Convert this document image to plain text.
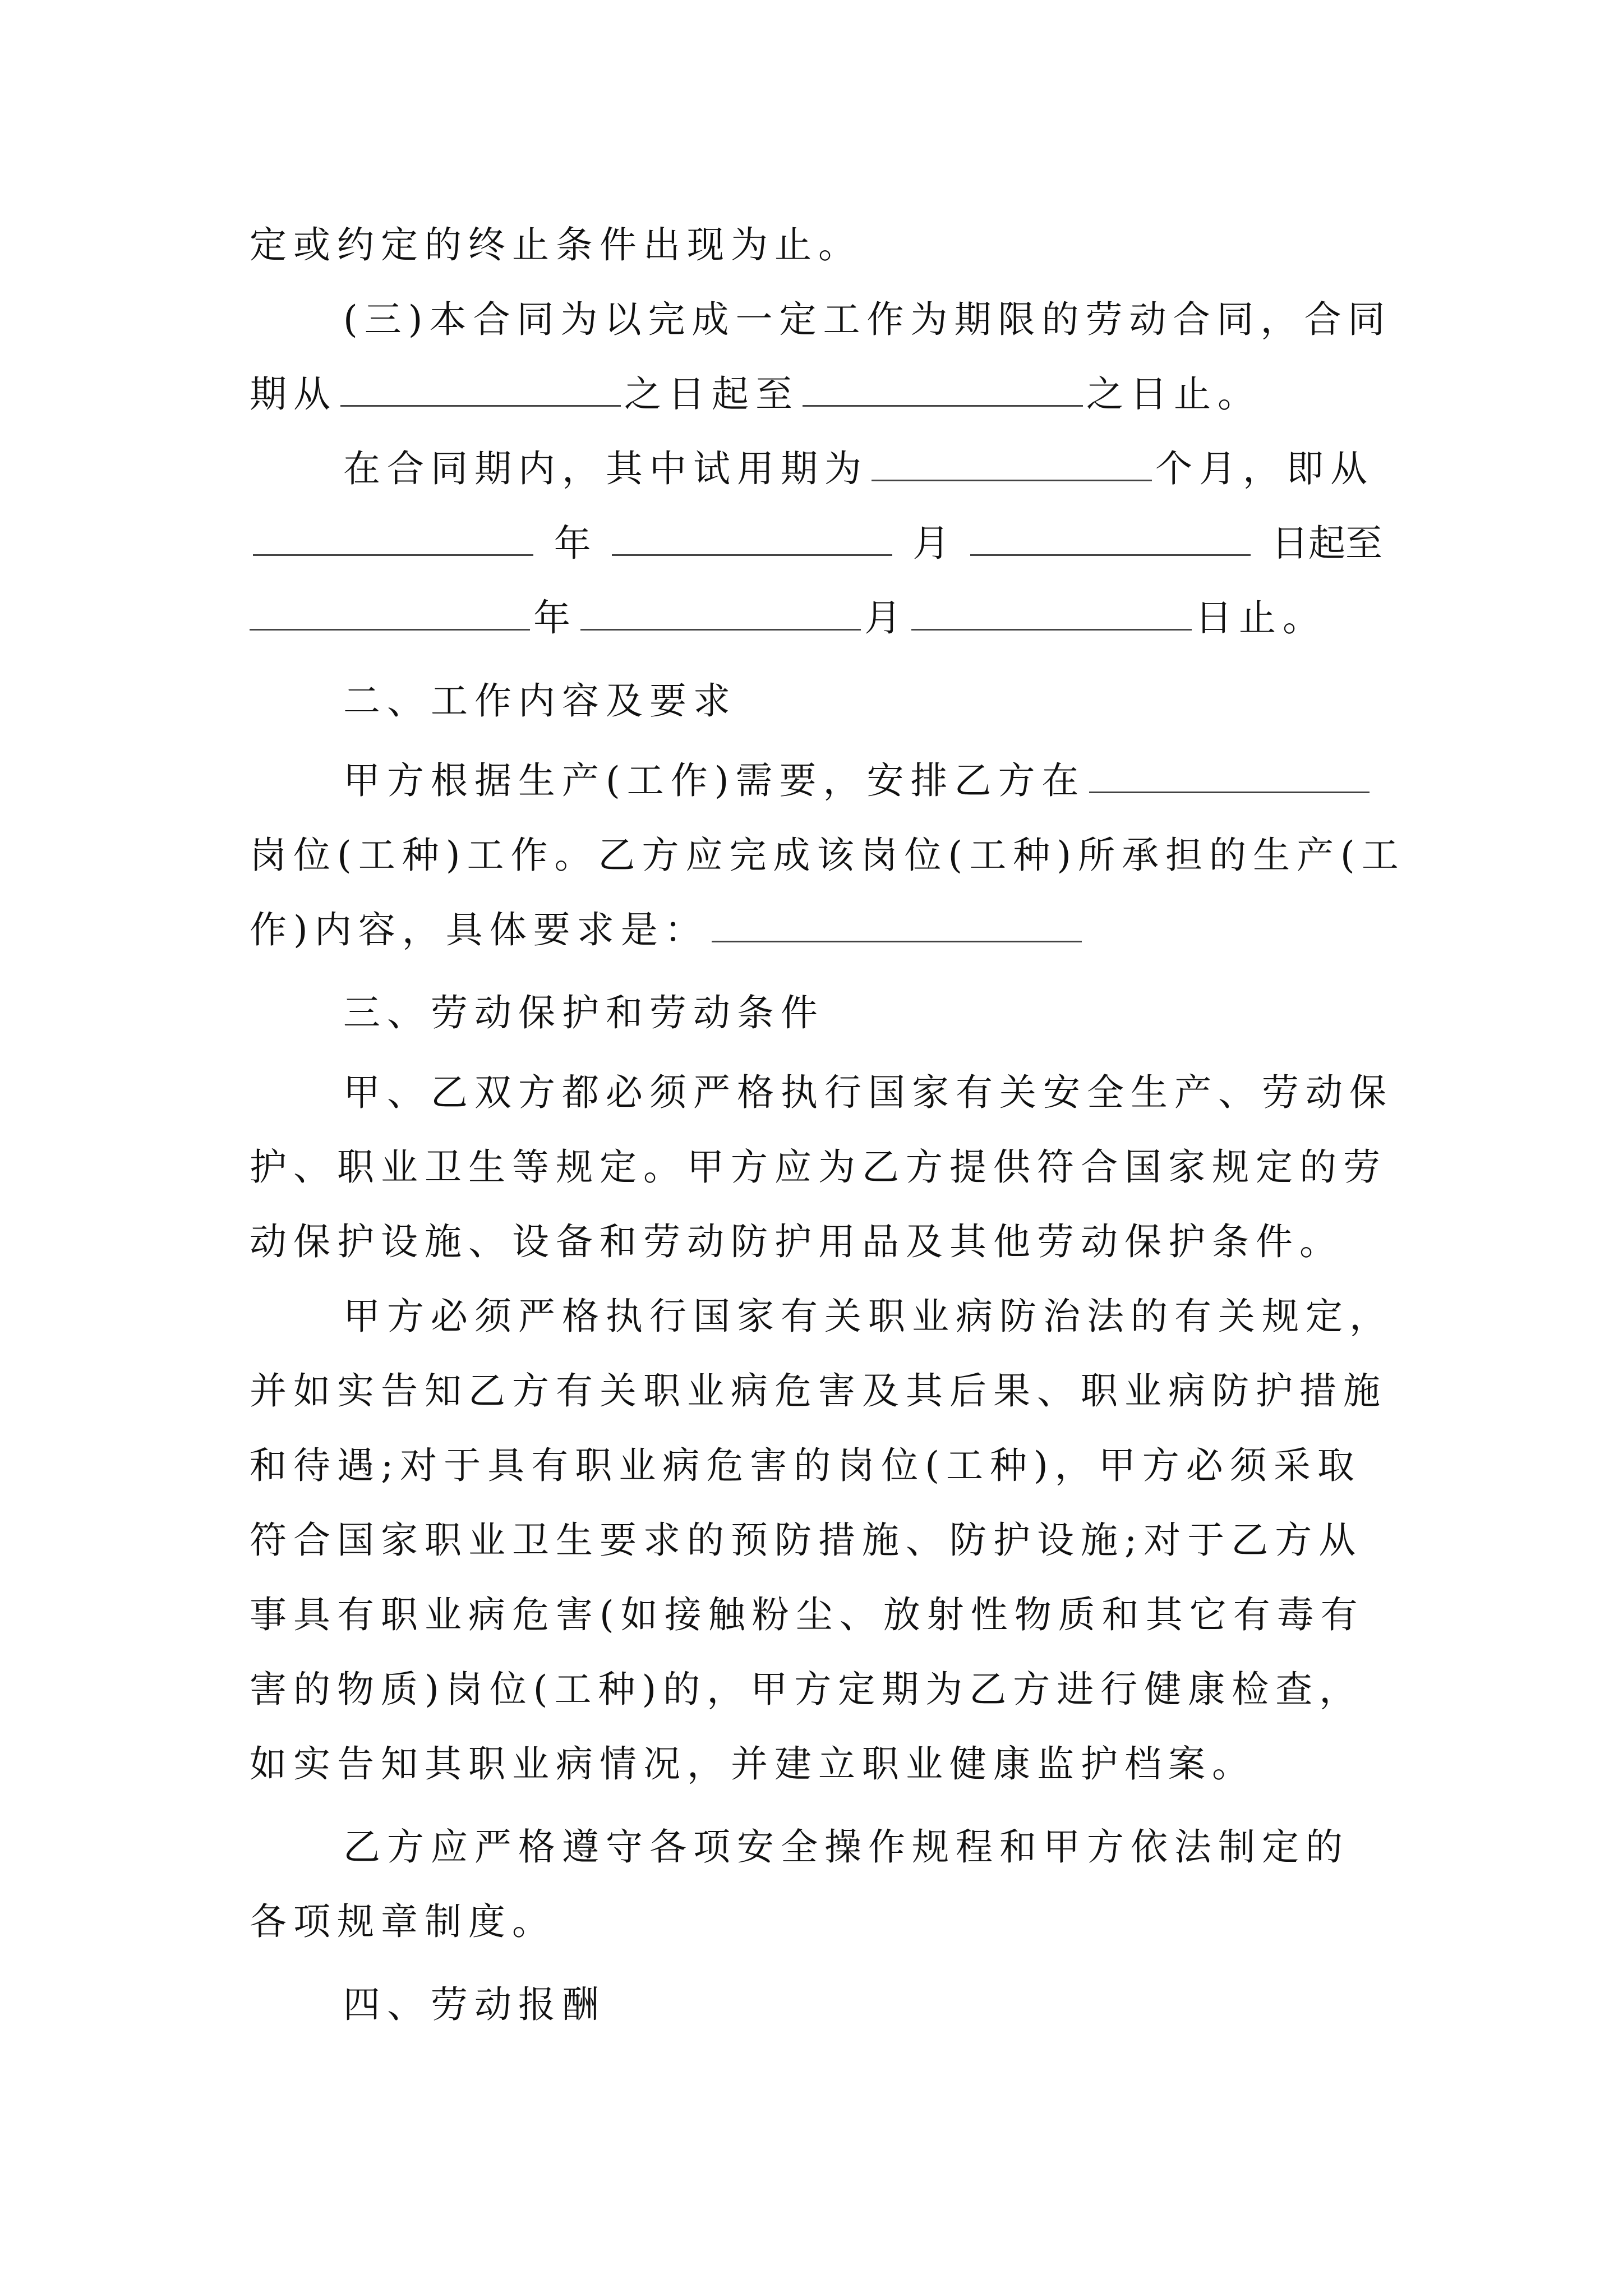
定或约定的终止条件出现为止。
(三)本合同为以完成一定工作为期限的劳动合同，合同
期从	之日起至	之日止。
在合同期内，其中试用期为	个月，即从
年	月	日起至
年	月	日止。
二、工作内容及要求
甲方根据生产(工作)需要，安排乙方在
岗位(工种)工作。乙方应完成该岗位(工种)所承担的生产(工
作)内容，具体要求是：
三、劳动保护和劳动条件
甲、乙双方都必须严格执行国家有关安全生产、劳动保
护、职业卫生等规定。甲方应为乙方提供符合国家规定的劳
动保护设施、设备和劳动防护用品及其他劳动保护条件。
甲方必须严格执行国家有关职业病防治法的有关规定，
并如实告知乙方有关职业病危害及其后果、职业病防护措施
和待遇;对于具有职业病危害的岗位(工种)，甲方必须采取
符合国家职业卫生要求的预防措施、防护设施;对于乙方从
事具有职业病危害(如接触粉尘、放射性物质和其它有毒有
害的物质)岗位(工种)的，甲方定期为乙方进行健康检查，
如实告知其职业病情况，并建立职业健康监护档案。
乙方应严格遵守各项安全操作规程和甲方依法制定的
各项规章制度。
四、劳动报酬
